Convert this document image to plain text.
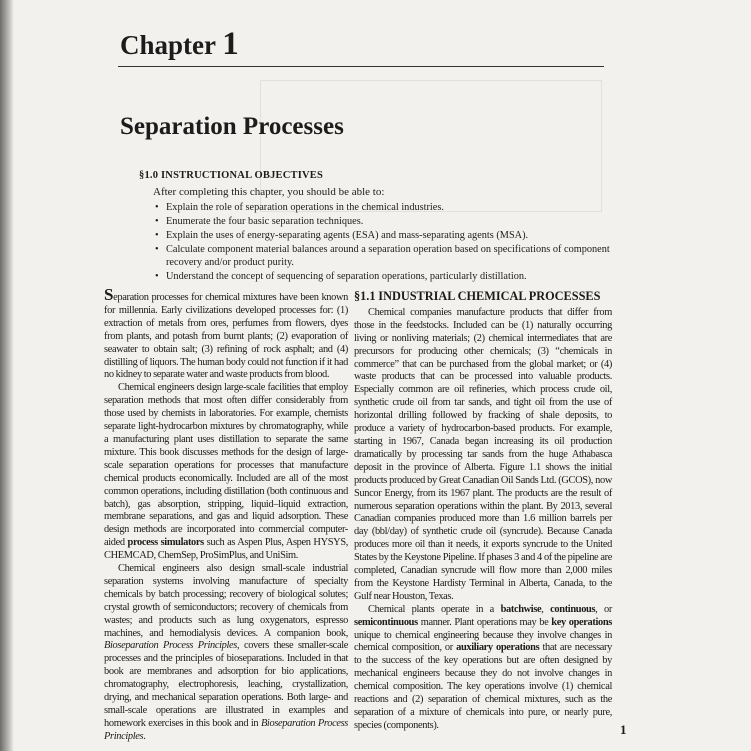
Chapter 1
Separation Processes
§1.0 INSTRUCTIONAL OBJECTIVES
After completing this chapter, you should be able to:
• Explain the role of separation operations in the chemical industries.
• Enumerate the four basic separation techniques.
• Explain the uses of energy-separating agents (ESA) and mass-separating agents (MSA).
• Calculate component material balances around a separation operation based on specifications of component recovery and/or product purity.
• Understand the concept of sequencing of separation operations, particularly distillation.

Separation processes for chemical mixtures have been known for millennia. Early civilizations developed processes for: (1) extraction of metals from ores, perfumes from flowers, dyes from plants, and potash from burnt plants; (2) evaporation of seawater to obtain salt; (3) refining of rock asphalt; and (4) distilling of liquors. The human body could not function if it had no kidney to separate water and waste products from blood.

Chemical engineers design large-scale facilities that employ separation methods that most often differ considerably from those used by chemists in laboratories. For example, chemists separate light-hydrocarbon mixtures by chromatography, while a manufacturing plant uses distillation to separate the same mixture. This book discusses methods for the design of large-scale separation operations for processes that manufacture chemical products economically. Included are all of the most common operations, including distillation (both continuous and batch), gas absorption, stripping, liquid–liquid extraction, membrane separations, and gas and liquid adsorption. These design methods are incorporated into commercial computer-aided process simulators such as Aspen Plus, Aspen HYSYS, CHEMCAD, ChemSep, ProSimPlus, and UniSim.

Chemical engineers also design small-scale industrial separation systems involving manufacture of specialty chemicals by batch processing; recovery of biological solutes; crystal growth of semiconductors; recovery of chemicals from wastes; and products such as lung oxygenators, espresso machines, and hemodialysis devices. A companion book, Bioseparation Process Principles, covers these smaller-scale processes and the principles of bioseparations. Included in that book are membranes and adsorption for bio applications, chromatography, electrophoresis, leaching, crystallization, drying, and mechanical separation operations. Both large- and small-scale operations are illustrated in examples and homework exercises in this book and in Bioseparation Process Principles.

§1.1 INDUSTRIAL CHEMICAL PROCESSES

Chemical companies manufacture products that differ from those in the feedstocks. Included can be (1) naturally occurring living or nonliving materials; (2) chemical intermediates that are precursors for producing other chemicals; (3) “chemicals in commerce” that can be purchased from the global market; or (4) waste products that can be processed into valuable products. Especially common are oil refineries, which process crude oil, synthetic crude oil from tar sands, and tight oil from the use of horizontal drilling followed by fracking of shale deposits, to produce a variety of hydrocarbon-based products. For example, starting in 1967, Canada began increasing its oil production dramatically by processing tar sands from the huge Athabasca deposit in the province of Alberta. Figure 1.1 shows the initial products produced by Great Canadian Oil Sands Ltd. (GCOS), now Suncor Energy, from its 1967 plant. The products are the result of numerous separation operations within the plant. By 2013, several Canadian companies produced more than 1.6 million barrels per day (bbl/day) of synthetic crude oil (syncrude). Because Canada produces more oil than it needs, it exports syncrude to the United States by the Keystone Pipeline. If phases 3 and 4 of the pipeline are completed, Canadian syncrude will flow more than 2,000 miles from the Keystone Hardisty Terminal in Alberta, Canada, to the Gulf near Houston, Texas.

Chemical plants operate in a batchwise, continuous, or semicontinuous manner. Plant operations may be key operations unique to chemical engineering because they involve changes in chemical composition, or auxiliary operations that are necessary to the success of the key operations but are often designed by mechanical engineers because they do not involve changes in chemical composition. The key operations involve (1) chemical reactions and (2) separation of chemical mixtures, such as the separation of a mixture of chemicals into pure, or nearly pure, species (components).	1
